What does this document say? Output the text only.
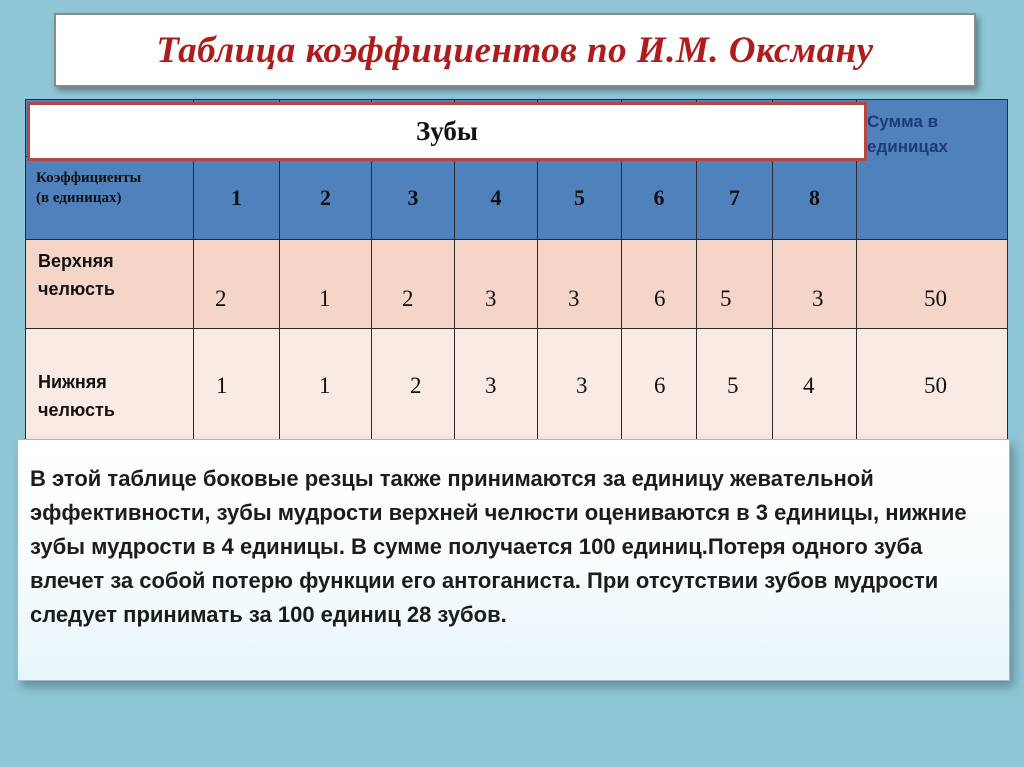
Таблица коэффициентов по И.М. Оксману
									Сумма в единицах

Коэффициенты
(в единицах)	1	2	3	4	5	6	7	8	

Верхняя
челюсть	2	1	2	3	3	6	5	3	50

Нижняя
челюсть	1	1	2	3	3	6	5	4	50
Зубы

В этой таблице боковые резцы также принимаются за единицу жевательной эффективности, зубы мудрости верхней челюсти оцениваются в 3 единицы, нижние зубы мудрости в 4 единицы. В сумме получается 100 единиц.Потеря одного зуба влечет за собой потерю функции его антоганиста. При отсутствии зубов мудрости следует принимать за 100 единиц 28 зубов.
